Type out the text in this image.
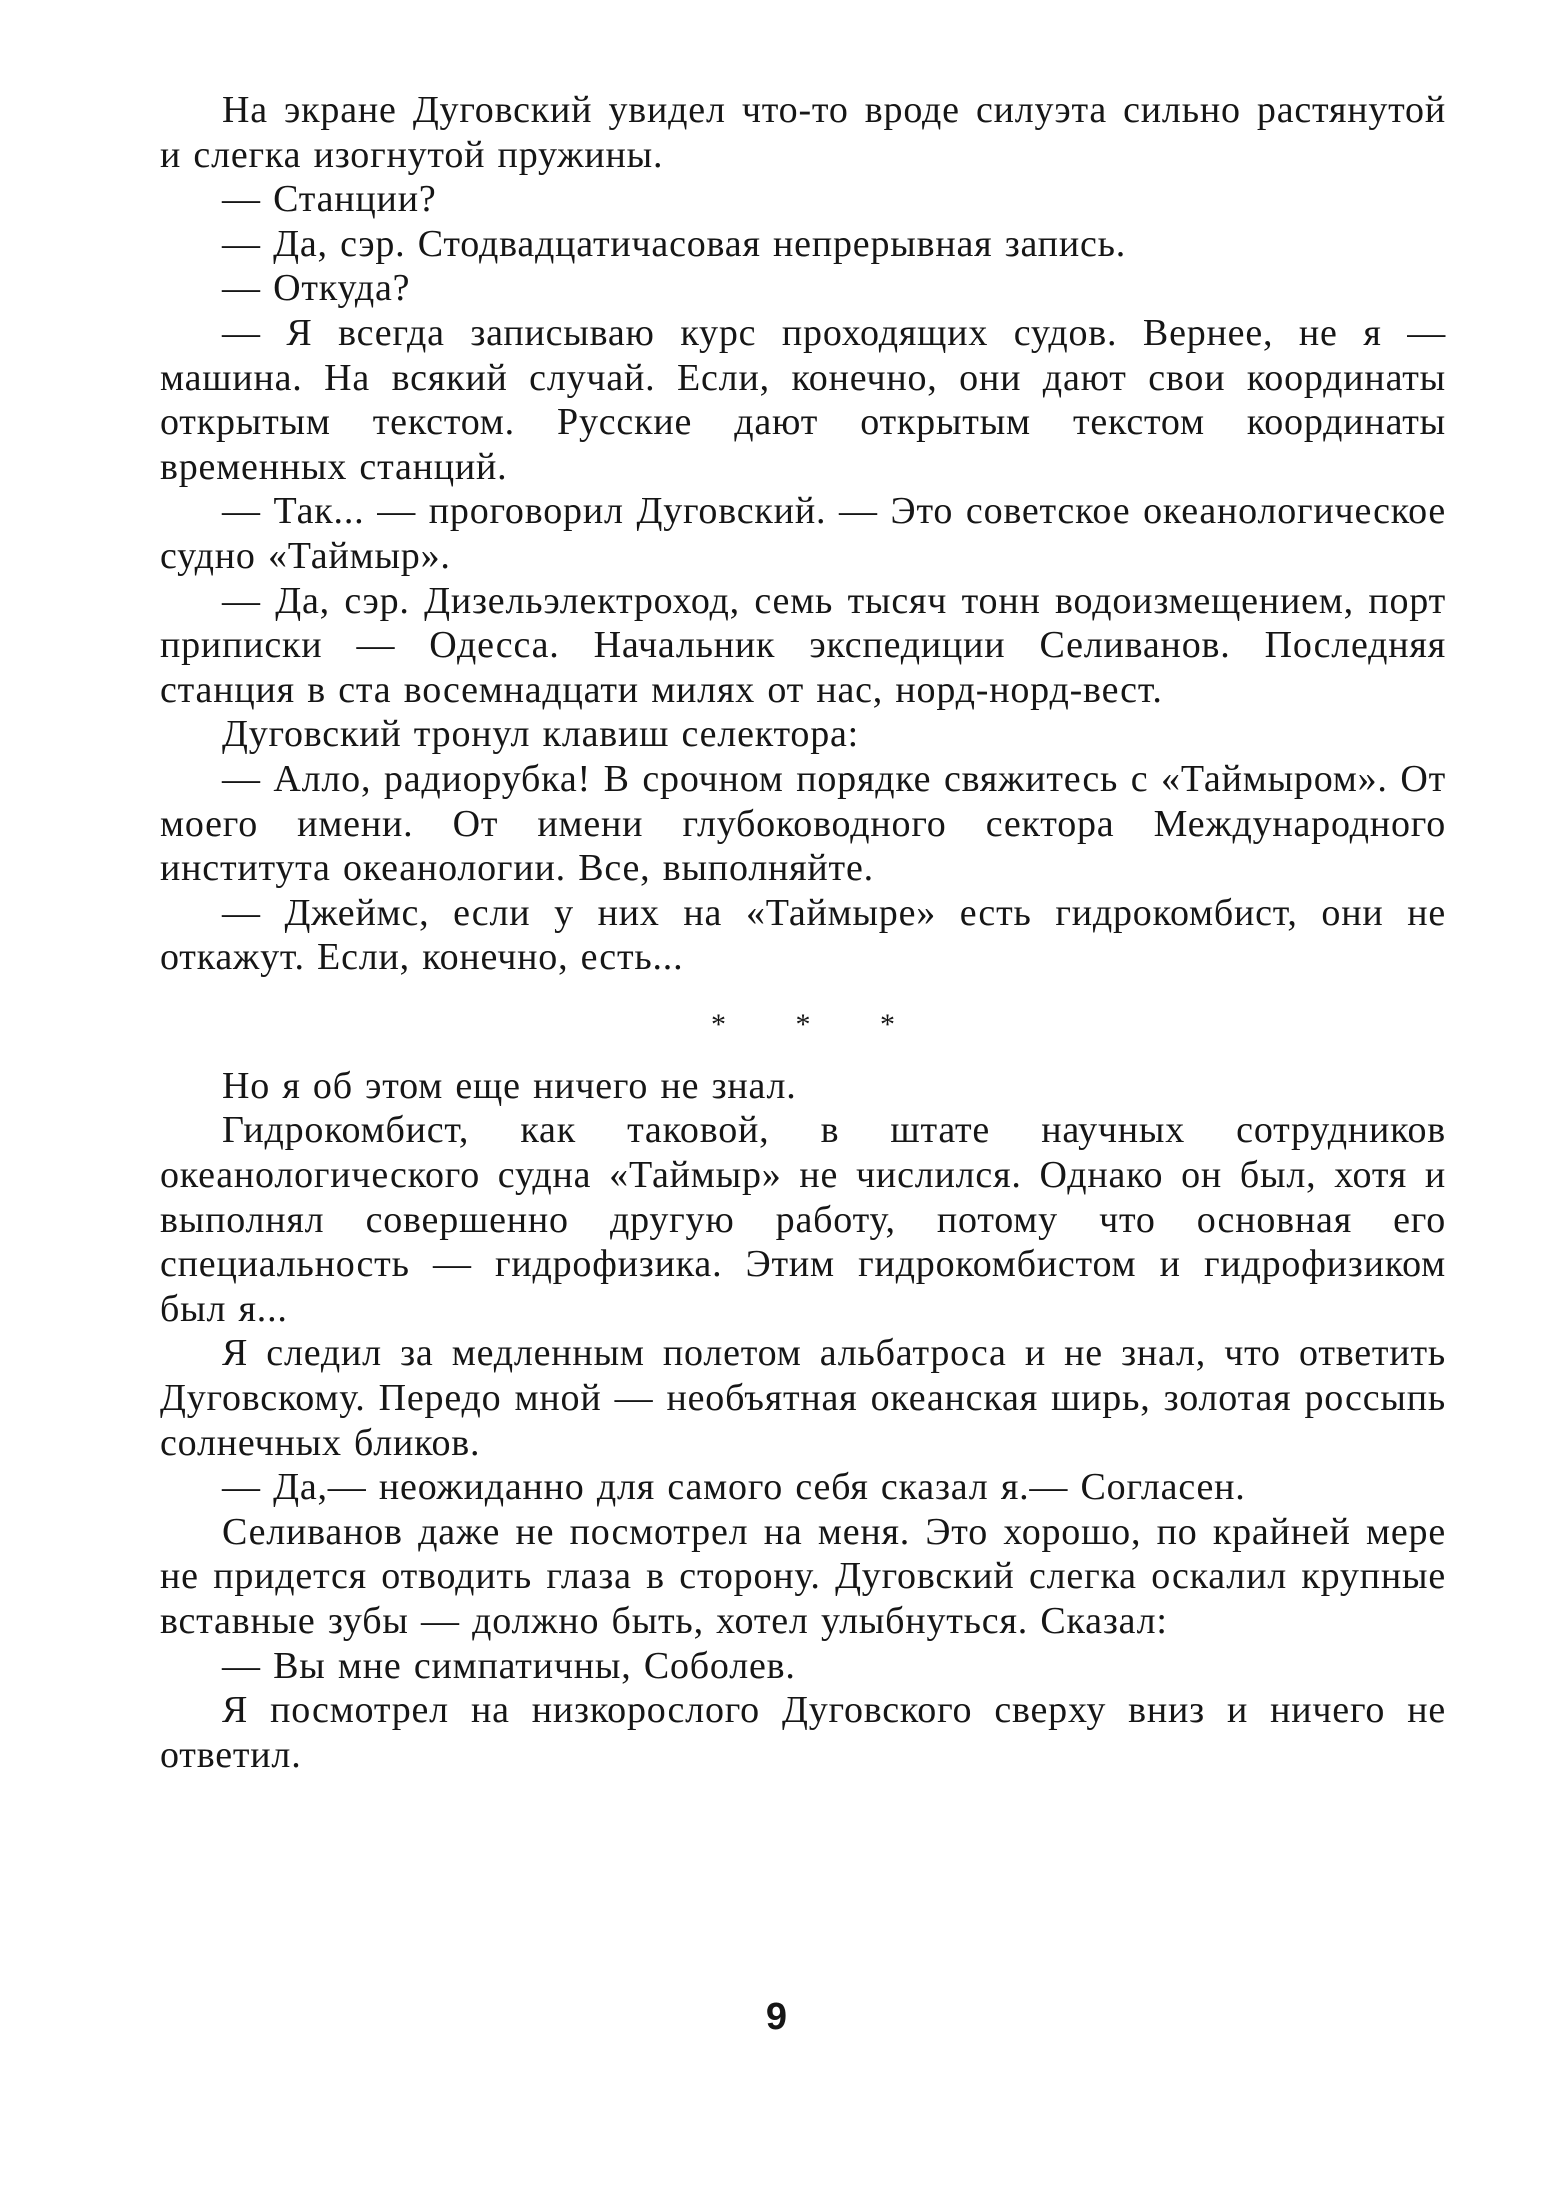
На экране Дуговский увидел что-то вроде силуэта сильно растянутой и слегка изогнутой пружины.

— Станции?

— Да, сэр. Стодвадцатичасовая непрерывная запись.

— Откуда?

— Я всегда записываю курс проходящих судов. Вернее, не я — машина. На всякий случай. Если, конечно, они дают свои координаты открытым текстом. Русские дают открытым текстом координаты временных станций.

— Так... — проговорил Дуговский. — Это советское океанологическое судно «Таймыр».

— Да, сэр. Дизельэлектроход, семь тысяч тонн водоизмещением, порт приписки — Одесса. Начальник экспедиции Селиванов. Последняя станция в ста восемнадцати милях от нас, норд-норд-вест.

Дуговский тронул клавиш селектора:

— Алло, радиорубка! В срочном порядке свяжитесь с «Таймыром». От моего имени. От имени глубоководного сектора Международного института океанологии. Все, выполняйте.

— Джеймс, если у них на «Таймыре» есть гидрокомбист, они не откажут. Если, конечно, есть...

* * *

Но я об этом еще ничего не знал.

Гидрокомбист, как таковой, в штате научных сотрудников океанологического судна «Таймыр» не числился. Однако он был, хотя и выполнял совершенно другую работу, потому что основная его специальность — гидрофизика. Этим гидрокомбистом и гидрофизиком был я...

Я следил за медленным полетом альбатроса и не знал, что ответить Дуговскому. Передо мной — необъятная океанская ширь, золотая россыпь солнечных бликов.

— Да,— неожиданно для самого себя сказал я.— Согласен.

Селиванов даже не посмотрел на меня. Это хорошо, по крайней мере не придется отводить глаза в сторону. Дуговский слегка оскалил крупные вставные зубы — должно быть, хотел улыбнуться. Сказал:

— Вы мне симпатичны, Соболев.

Я посмотрел на низкорослого Дуговского сверху вниз и ничего не ответил.

9
